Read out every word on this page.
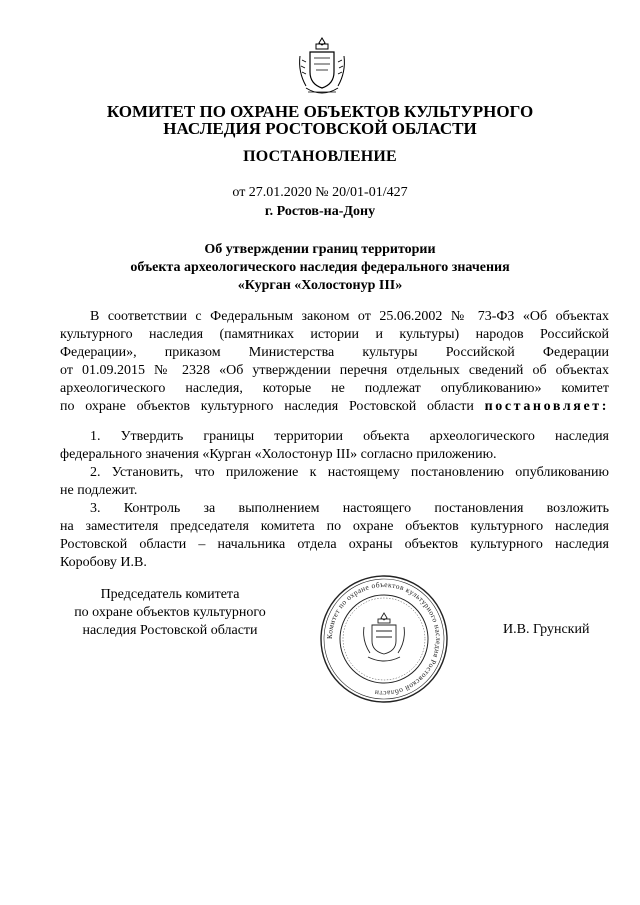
КОМИТЕТ ПО ОХРАНЕ ОБЪЕКТОВ КУЛЬТУРНОГО
НАСЛЕДИЯ РОСТОВСКОЙ ОБЛАСТИ
ПОСТАНОВЛЕНИЕ
от 27.01.2020 № 20/01-01/427
г. Ростов-на-Дону
Об утверждении границ территории
объекта археологического наследия федерального значения
«Курган «Холостонур III»
В соответствии с Федеральным законом от 25.06.2002 № 73-ФЗ «Об объектах
культурного наследия (памятниках истории и культуры) народов Российской
Федерации», приказом Министерства культуры Российской Федерации
от 01.09.2015 № 2328 «Об утверждении перечня отдельных сведений об объектах
археологического наследия, которые не подлежат опубликованию» комитет
по охране объектов культурного наследия Ростовской области постановляет:
1. Утвердить границы территории объекта археологического наследия
федерального значения «Курган «Холостонур III» согласно приложению.
2. Установить, что приложение к настоящему постановлению опубликованию
не подлежит.
3. Контроль за выполнением настоящего постановления возложить
на заместителя председателя комитета по охране объектов культурного наследия
Ростовской области – начальника отдела охраны объектов культурного наследия
Коробову И.В.
Председатель комитета
по охране объектов культурного
наследия Ростовской области	Комитет по охране объектов культурного наследия Ростовской области
И.В. Грунский
